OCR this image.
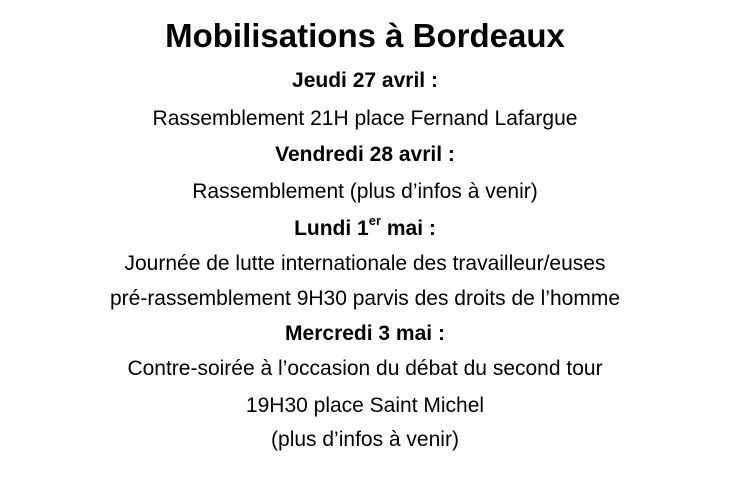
Mobilisations à Bordeaux
Jeudi 27 avril :
Rassemblement 21H place Fernand Lafargue
Vendredi 28 avril :
Rassemblement (plus d’infos à venir)
Lundi 1er mai :
Journée de lutte internationale des travailleur/euses
pré-rassemblement 9H30 parvis des droits de l’homme
Mercredi 3 mai :
Contre-soirée à l’occasion du débat du second tour
19H30 place Saint Michel
(plus d’infos à venir)
